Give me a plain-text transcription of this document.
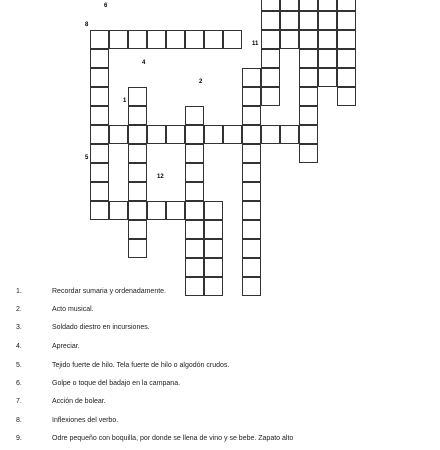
6
8
11
4
2
1
5
12
1.	Recordar sumaria y ordenadamente.
2.	Acto musical.
3.	Soldado diestro en incursiones.
4.	Apreciar.
5.	Tejido fuerte de hilo. Tela fuerte de hilo o algodón crudos.
6.	Golpe o toque del badajo en la campana.
7.	Acción de bolear.
8.	Inflexiones del verbo.
9.	Odre pequeño con boquilla, por donde se llena de vino y se bebe. Zapato alto
